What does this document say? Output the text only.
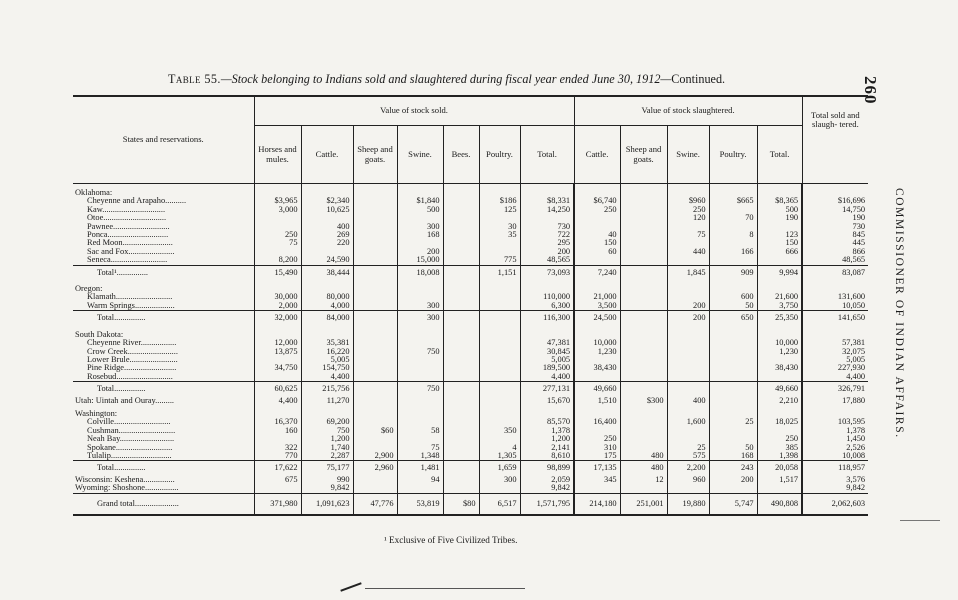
260
COMMISSIONER OF INDIAN AFFAIRS.
Table 55.—Stock belonging to Indians sold and slaughtered during fiscal year ended June 30, 1912—Continued.
States and reservations.	Value of stock sold.							Value of stock slaughtered.					Total sold and slaugh- tered.
	Horses and mules.	Cattle.	Sheep and goats.	Swine.	Bees.	Poultry.	Total.	Cattle.	Sheep and goats.	Swine.	Poultry.	Total.	
Oklahoma:													
Cheyenne and Arapaho..........	$3,965	$2,340		$1,840		$186	$8,331	$6,740		$960	$665	$8,365	$16,696
Kaw..............................	3,000	10,625		500		125	14,250	250		250		500	14,750
Otoe..............................										120	70	190	190
Pawnee...........................		400		300		30	730						730
Ponca.............................	250	269		168		35	722	40		75	8	123	845
Red Moon........................	75	220					295	150				150	445
Sac and Fox......................				200			200	60		440	166	666	866
Seneca...........................	8,200	24,590		15,000		775	48,565						48,565
Total¹...............	15,490	38,444		18,008		1,151	73,093	7,240		1,845	909	9,994	83,087
Oregon:													
Klamath...........................	30,000	80,000					110,000	21,000			600	21,600	131,600
Warm Springs...................	2,000	4,000		300			6,300	3,500		200	50	3,750	10,050
Total...............	32,000	84,000		300			116,300	24,500		200	650	25,350	141,650
South Dakota:													
Cheyenne River.................	12,000	35,381					47,381	10,000				10,000	57,381
Crow Creek........................	13,875	16,220		750			30,845	1,230				1,230	32,075
Lower Brule.......................		5,005					5,005						5,005
Pine Ridge.........................	34,750	154,750					189,500	38,430				38,430	227,930
Rosebud...........................		4,400					4,400						4,400
Total...............	60,625	215,756		750			277,131	49,660				49,660	326,791
Utah: Uintah and Ouray.........	4,400	11,270					15,670	1,510	$300	400		2,210	17,880
Washington:													
Colville...........................	16,370	69,200					85,570	16,400		1,600	25	18,025	103,595
Cushman...........................	160	750	$60	58		350	1,378						1,378
Neah Bay..........................		1,200					1,200	250				250	1,450
Spokane...........................	322	1,740		75		4	2,141	310		25	50	385	2,526
Tulalip.............................	770	2,287	2,900	1,348		1,305	8,610	175	480	575	168	1,398	10,008
Total...............	17,622	75,177	2,960	1,481		1,659	98,899	17,135	480	2,200	243	20,058	118,957
Wisconsin: Keshena...............	675	990		94		300	2,059	345	12	960	200	1,517	3,576
Wyoming: Shoshone................		9,842					9,842						9,842
Grand total.....................	371,980	1,091,623	47,776	53,819	$80	6,517	1,571,795	214,180	251,001	19,880	5,747	490,808	2,062,603
¹ Exclusive of Five Civilized Tribes.
